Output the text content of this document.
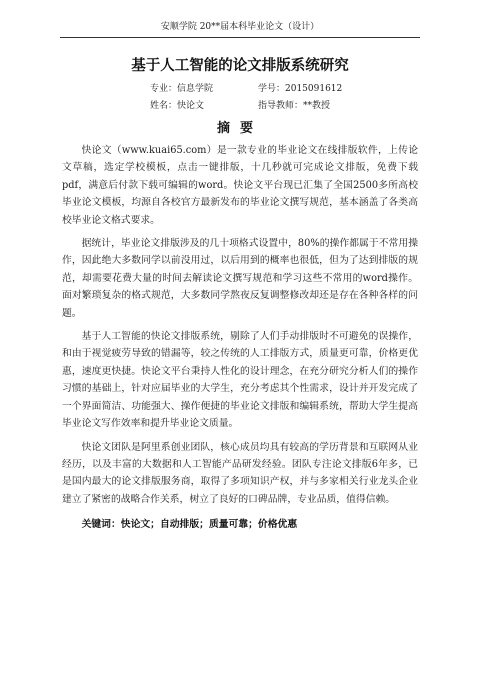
安顺学院 20**届本科毕业论文（设计）
基于人工智能的论文排版系统研究
专业：信息学院	学号：2015091612
姓名：快论文	指导教师：**教授
摘要

快论文（www.kuai65.com）是一款专业的毕业论文在线排版软件，上传论文草稿，选定学校模板，点击一键排版，十几秒就可完成论文排版，免费下载pdf，满意后付款下载可编辑的word。快论文平台现已汇集了全国2500多所高校毕业论文模板，均源自各校官方最新发布的毕业论文撰写规范，基本涵盖了各类高校毕业论文格式要求。

据统计，毕业论文排版涉及的几十项格式设置中，80%的操作都属于不常用操作，因此绝大多数同学以前没用过，以后用到的概率也很低，但为了达到排版的规范，却需要花费大量的时间去解读论文撰写规范和学习这些不常用的word操作。面对繁琐复杂的格式规范，大多数同学熬夜反复调整修改却还是存在各种各样的问题。

基于人工智能的快论文排版系统，剔除了人们手动排版时不可避免的误操作，和由于视觉疲劳导致的错漏等，较之传统的人工排版方式，质量更可靠，价格更优惠，速度更快捷。快论文平台秉持人性化的设计理念，在充分研究分析人们的操作习惯的基础上，针对应届毕业的大学生，充分考虑其个性需求，设计并开发完成了一个界面简洁、功能强大、操作便捷的毕业论文排版和编辑系统，帮助大学生提高毕业论文写作效率和提升毕业论文质量。

快论文团队是阿里系创业团队，核心成员均具有较高的学历背景和互联网从业经历，以及丰富的大数据和人工智能产品研发经验。团队专注论文排版6年多，已是国内最大的论文排版服务商，取得了多项知识产权，并与多家相关行业龙头企业建立了紧密的战略合作关系，树立了良好的口碑品牌，专业品质，值得信赖。

关键词：快论文；自动排版；质量可靠；价格优惠
